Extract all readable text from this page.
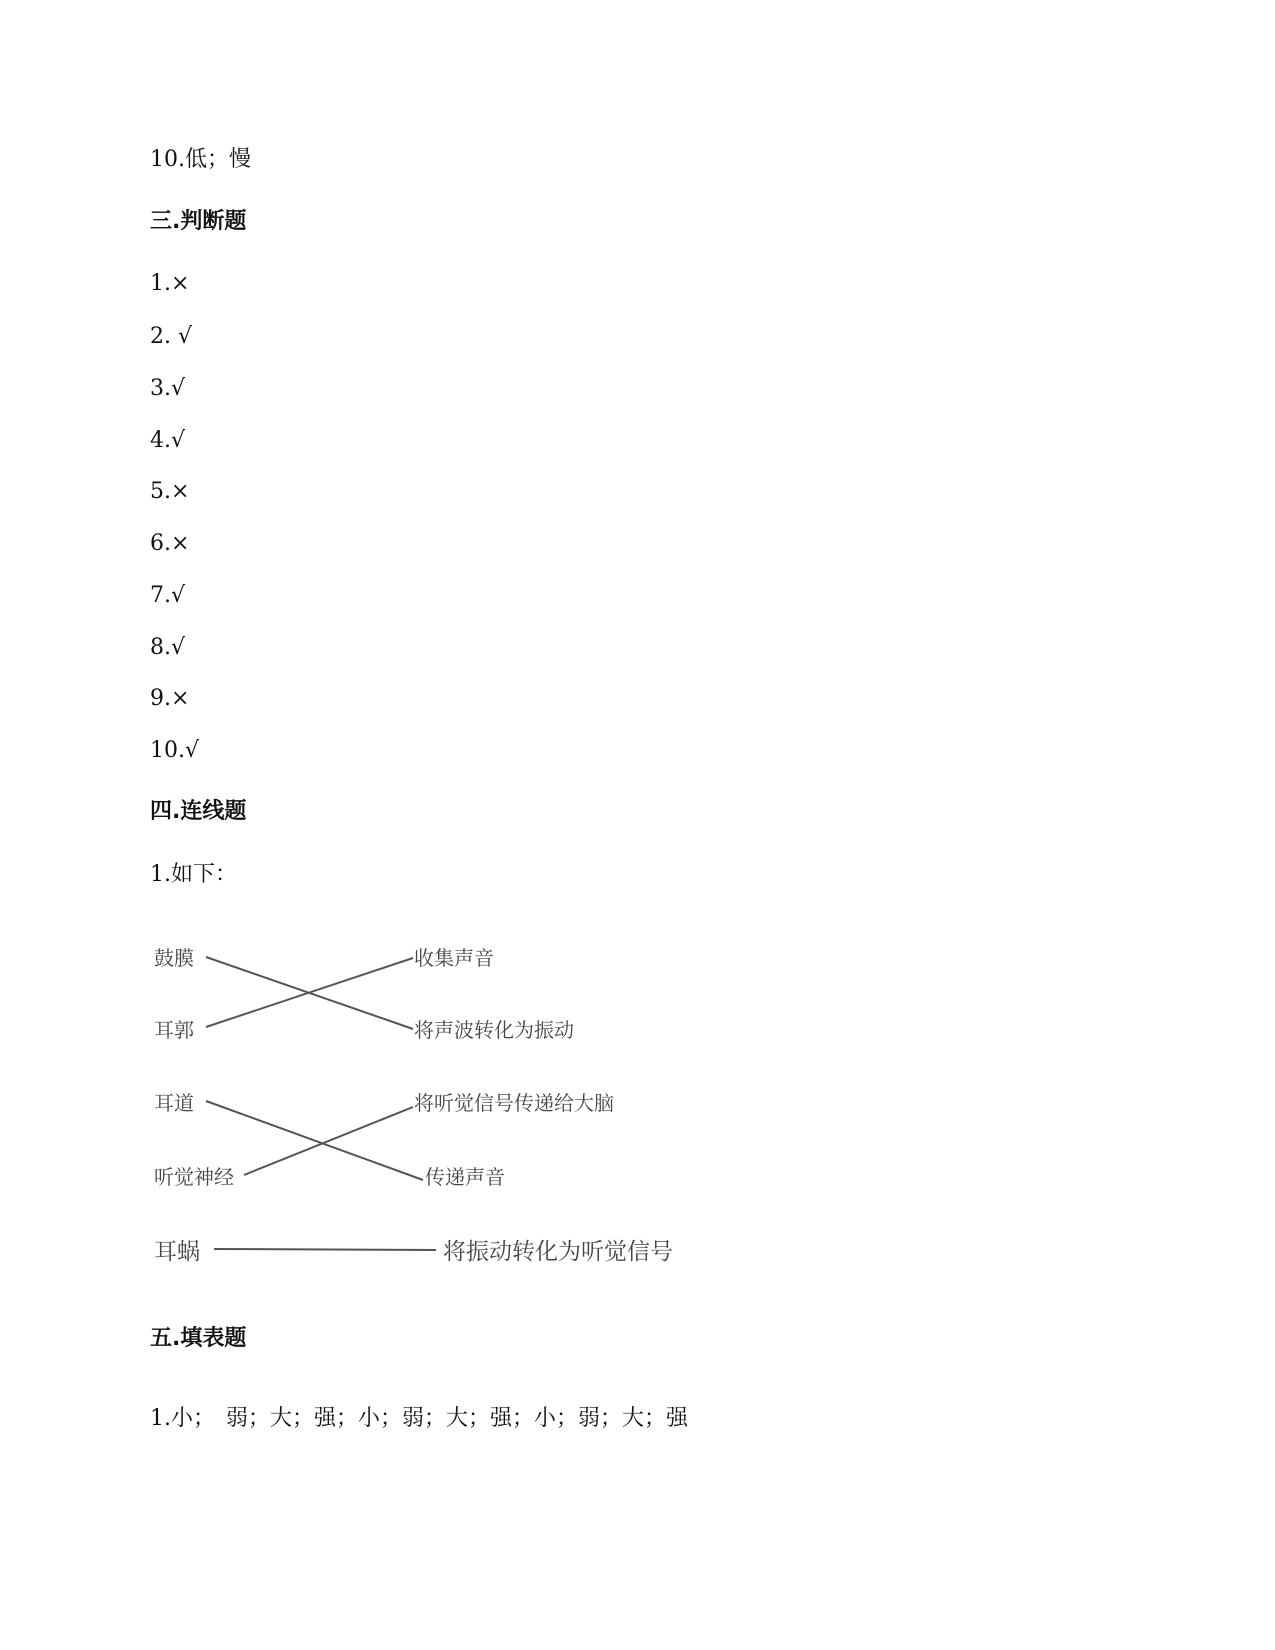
10.低；慢
三.判断题
1.×
2. √
3.√
4.√
5.×
6.×
7.√
8.√
9.×
10.√
四.连线题
1.如下：
鼓膜
耳郭
耳道
听觉神经
耳蜗
收集声音
将声波转化为振动
将听觉信号传递给大脑
传递声音
将振动转化为听觉信号
五.填表题
1.小； 弱；大；强；小；弱；大；强；小；弱；大；强
